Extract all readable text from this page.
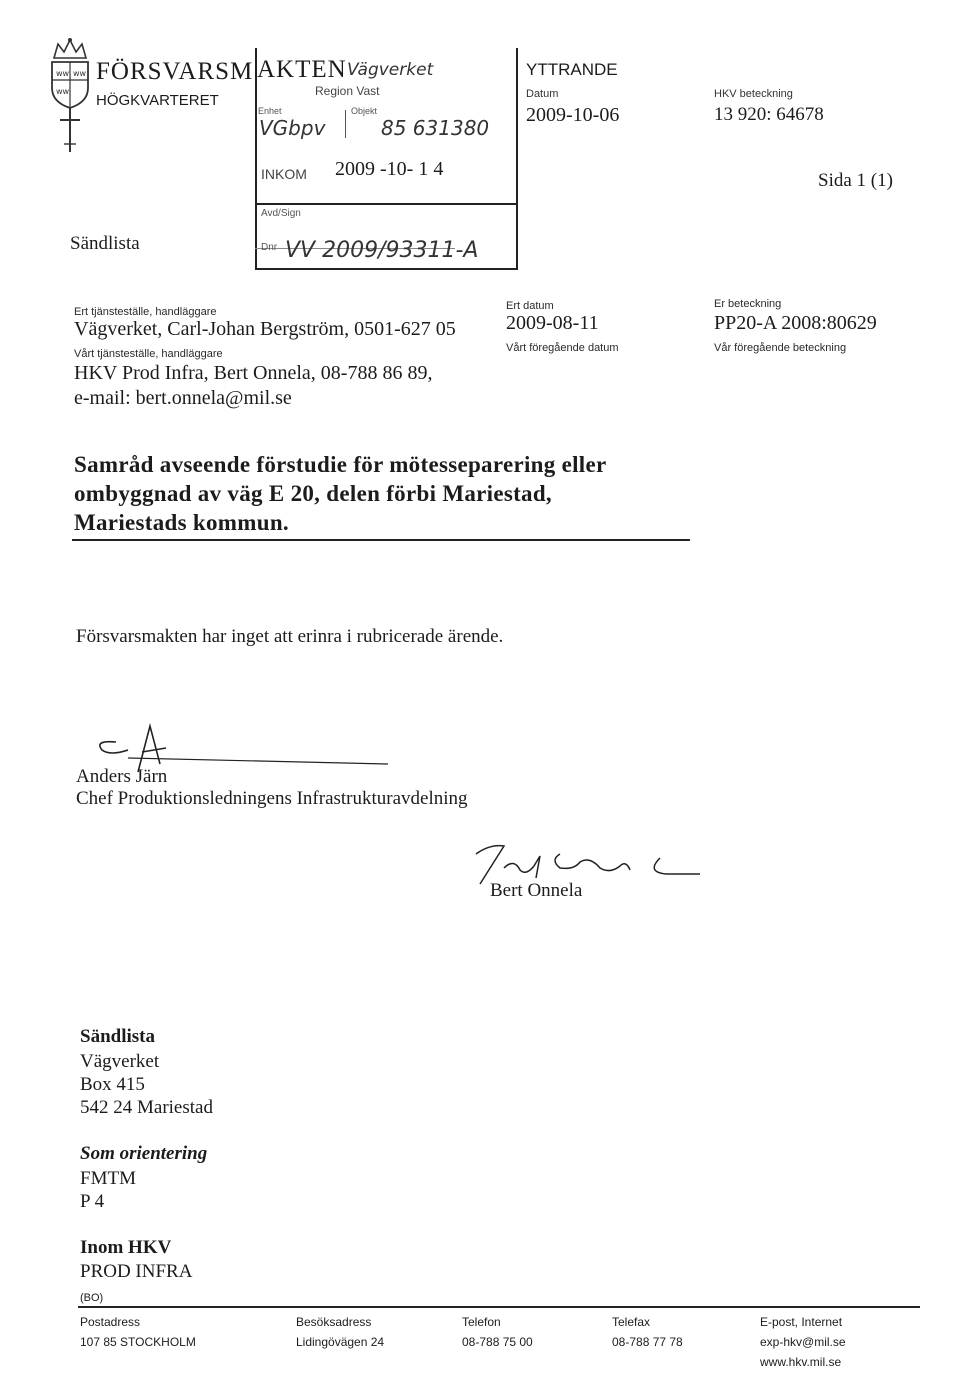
ww ww
ww
FÖRSVARSM
HÖGKVARTERET
AKTEN Vägverket
Region Vast
Enhet	Objekt
VGbpv	85 631380
INKOM 2009 -10- 1 4
Avd/Sign
Dnr VV 2009/93311-A
YTTRANDE
Datum
2009-10-06
HKV beteckning
13 920: 64678
Sida 1 (1)
Sändlista
Ert tjänsteställe, handläggare
Vägverket, Carl-Johan Bergström, 0501-627 05
Vårt tjänsteställe, handläggare
HKV Prod Infra, Bert Onnela, 08-788 86 89,
e-mail: bert.onnela@mil.se
Ert datum
2009-08-11
Vårt föregående datum
Er beteckning
PP20-A 2008:80629
Vår föregående beteckning
Samråd avseende förstudie för mötesseparering eller
ombyggnad av väg E 20, delen förbi Mariestad,
Mariestads kommun.
Försvarsmakten har inget att erinra i rubricerade ärende.
Anders Järn
Chef Produktionsledningens Infrastrukturavdelning
Bert Onnela
Sändlista
Vägverket
Box 415
542 24 Mariestad
Som orientering
FMTM
P 4
Inom HKV
PROD INFRA
(BO)
Postadress
107 85 STOCKHOLM
Besöksadress
Lidingövägen 24
Telefon
08-788 75 00
Telefax
08-788 77 78
E-post, Internet
exp-hkv@mil.se
www.hkv.mil.se
